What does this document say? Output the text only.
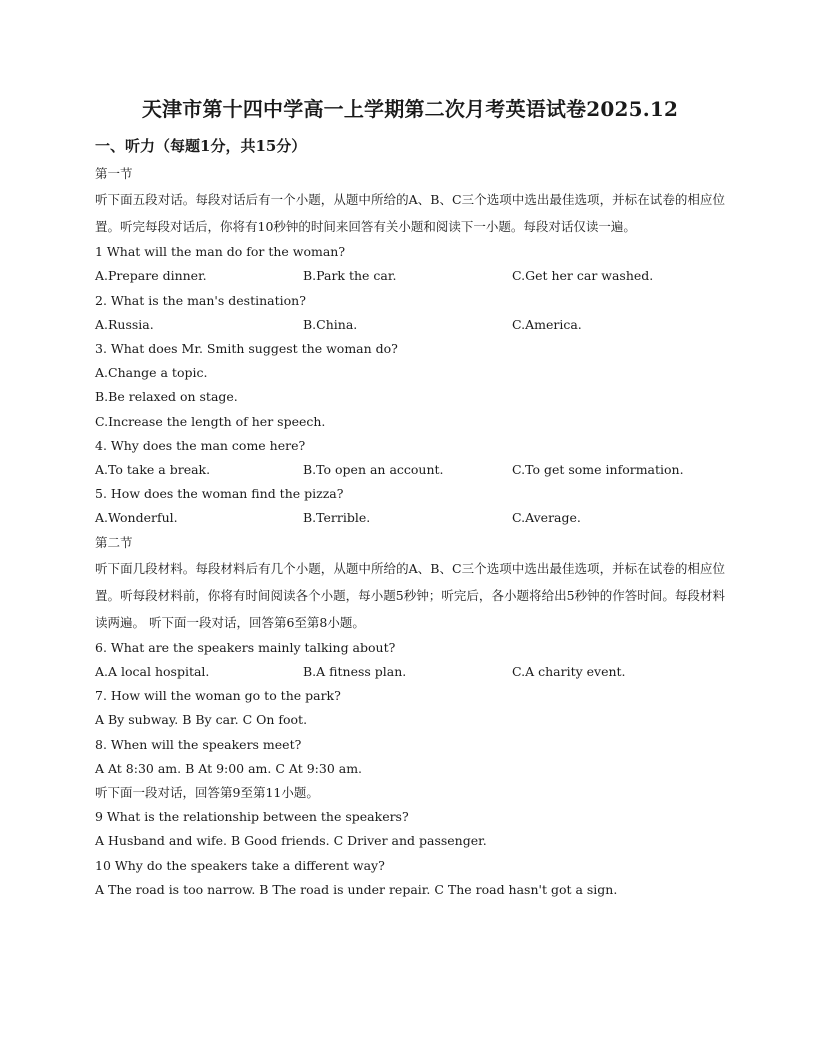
天津市第十四中学高一上学期第二次月考英语试卷2025.12
一、听力（每题1分，共15分）
第一节
听下面五段对话。每段对话后有一个小题，从题中所给的A、B、C三个选项中选出最佳选项，并标在试卷的相应位置。听完每段对话后，你将有10秒钟的时间来回答有关小题和阅读下一小题。每段对话仅读一遍。
1 What will the man do for the woman?
A.Prepare dinner.	B.Park the car.	C.Get her car washed.
2. What is the man's destination?
A.Russia.	B.China.	C.America.
3. What does Mr. Smith suggest the woman do?
A.Change a topic.
B.Be relaxed on stage.
C.Increase the length of her speech.
4. Why does the man come here?
A.To take a break.	B.To open an account.	C.To get some information.
5. How does the woman find the pizza?
A.Wonderful.	B.Terrible.	C.Average.
第二节
听下面几段材料。每段材料后有几个小题，从题中所给的A、B、C三个选项中选出最佳选项，并标在试卷的相应位置。听每段材料前，你将有时间阅读各个小题，每小题5秒钟；听完后，各小题将给出5秒钟的作答时间。每段材料读两遍。 听下面一段对话，回答第6至第8小题。
6. What are the speakers mainly talking about?
A.A local hospital.	B.A fitness plan.	C.A charity event.
7. How will the woman go to the park?
A By subway. B By car. C On foot.
8. When will the speakers meet?
A At 8:30 am. B At 9:00 am. C At 9:30 am.
听下面一段对话，回答第9至第11小题。
9 What is the relationship between the speakers?
A Husband and wife. B Good friends. C Driver and passenger.
10 Why do the speakers take a different way?
A The road is too narrow. B The road is under repair. C The road hasn't got a sign.
